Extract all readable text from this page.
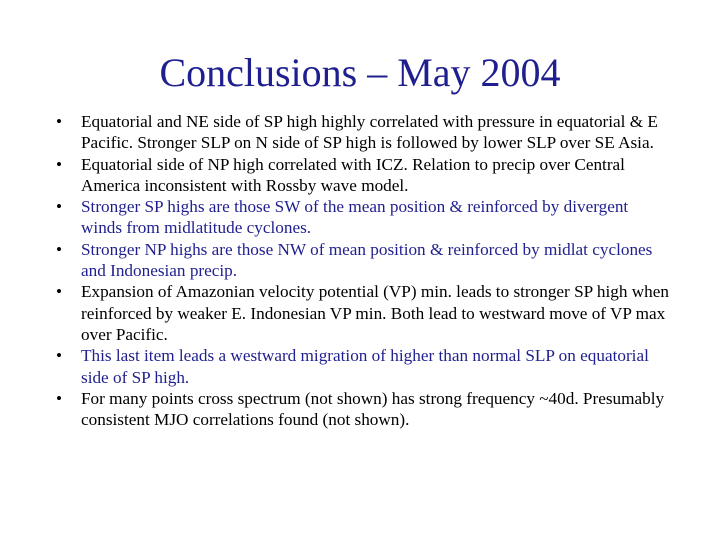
Conclusions – May 2004
• Equatorial and NE side of SP high highly correlated with pressure in equatorial & E Pacific. Stronger SLP on N side of SP high is followed by lower SLP over SE Asia.
• Equatorial side of NP high correlated with ICZ. Relation to precip over Central America inconsistent with Rossby wave model.
• Stronger SP highs are those SW of the mean position & reinforced by divergent winds from midlatitude cyclones.
• Stronger NP highs are those NW of mean position & reinforced by midlat cyclones and Indonesian precip.
• Expansion of Amazonian velocity potential (VP) min. leads to stronger SP high when reinforced by weaker E. Indonesian VP min. Both lead to westward move of VP max over Pacific.
• This last item leads a westward migration of higher than normal SLP on equatorial side of SP high.
• For many points cross spectrum (not shown) has strong frequency ~40d. Presumably consistent MJO correlations found (not shown).
